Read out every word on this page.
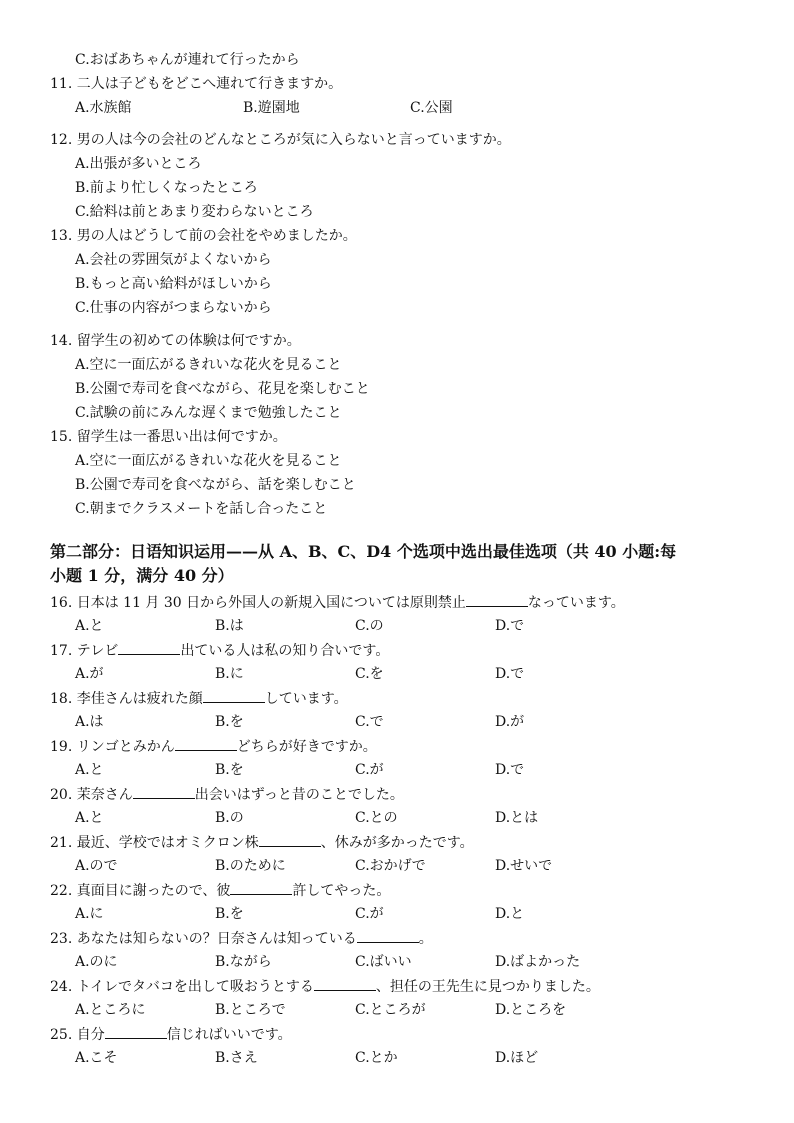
C.おばあちゃんが連れて行ったから
11. 二人は子どもをどこへ連れて行きますか。
A.水族館	B.遊園地	C.公園
12. 男の人は今の会社のどんなところが気に入らないと言っていますか。
A.出張が多いところ
B.前より忙しくなったところ
C.給料は前とあまり変わらないところ
13. 男の人はどうして前の会社をやめましたか。
A.会社の雰囲気がよくないから
B.もっと高い給料がほしいから
C.仕事の内容がつまらないから
14. 留学生の初めての体験は何ですか。
A.空に一面広がるきれいな花火を見ること
B.公園で寿司を食べながら、花見を楽しむこと
C.試験の前にみんな遅くまで勉強したこと
15. 留学生は一番思い出は何ですか。
A.空に一面広がるきれいな花火を見ること
B.公園で寿司を食べながら、話を楽しむこと
C.朝までクラスメートを話し合ったこと
第二部分：日语知识运用——从 A、B、C、D4 个选项中选出最佳选项（共 40 小题:每
小题 1 分，满分 40 分）
16. 日本は 11 月 30 日から外国人の新規入国については原則禁止	なっています。
A.と	B.は	C.の	D.で
17. テレビ	出ている人は私の知り合いです。
A.が	B.に	C.を	D.で
18. 李佳さんは疲れた顔	しています。
A.は	B.を	C.で	D.が
19. リンゴとみかん	どちらが好きですか。
A.と	B.を	C.が	D.で
20. 茉奈さん	出会いはずっと昔のことでした。
A.と	B.の	C.との	D.とは
21. 最近、学校ではオミクロン株	、休みが多かったです。
A.ので	B.のために	C.おかげで	D.せいで
22. 真面目に謝ったので、彼	許してやった。
A.に	B.を	C.が	D.と
23. あなたは知らないの？日奈さんは知っている	。
A.のに	B.ながら	C.ばいい	D.ばよかった
24. トイレでタバコを出して吸おうとする	、担任の王先生に見つかりました。
A.ところに	B.ところで	C.ところが	D.ところを
25. 自分	信じればいいです。
A.こそ	B.さえ	C.とか	D.ほど
